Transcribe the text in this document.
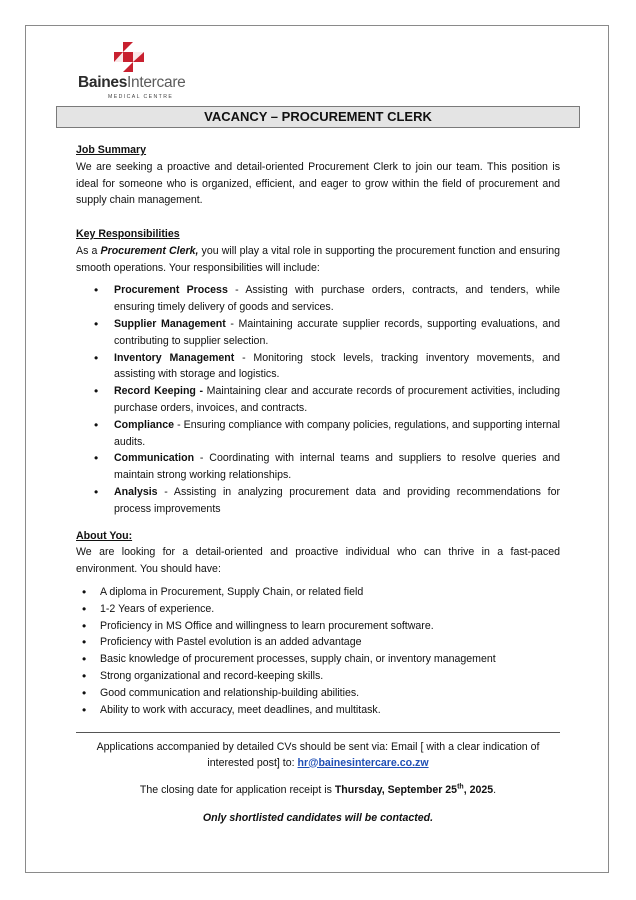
BainesIntercare
MEDICAL CENTRE
VACANCY – PROCUREMENT CLERK

Job Summary

We are seeking a proactive and detail-oriented Procurement Clerk to join our team. This position is ideal for someone who is organized, efficient, and eager to grow within the field of procurement and supply chain management.

Key Responsibilities

As a Procurement Clerk, you will play a vital role in supporting the procurement function and ensuring smooth operations. Your responsibilities will include:

• Procurement Process - Assisting with purchase orders, contracts, and tenders, while ensuring timely delivery of goods and services.
• Supplier Management - Maintaining accurate supplier records, supporting evaluations, and contributing to supplier selection.
• Inventory Management - Monitoring stock levels, tracking inventory movements, and assisting with storage and logistics.
• Record Keeping - Maintaining clear and accurate records of procurement activities, including purchase orders, invoices, and contracts.
• Compliance - Ensuring compliance with company policies, regulations, and supporting internal audits.
• Communication - Coordinating with internal teams and suppliers to resolve queries and maintain strong working relationships.
• Analysis - Assisting in analyzing procurement data and providing recommendations for process improvements

About You:

We are looking for a detail-oriented and proactive individual who can thrive in a fast-paced environment. You should have:

• A diploma in Procurement, Supply Chain, or related field
• 1-2 Years of experience.
• Proficiency in MS Office and willingness to learn procurement software.
• Proficiency with Pastel evolution is an added advantage
• Basic knowledge of procurement processes, supply chain, or inventory management
• Strong organizational and record-keeping skills.
• Good communication and relationship-building abilities.
• Ability to work with accuracy, meet deadlines, and multitask.

Applications accompanied by detailed CVs should be sent via: Email [ with a clear indication of interested post] to: hr@bainesintercare.co.zw

The closing date for application receipt is Thursday, September 25th, 2025.

Only shortlisted candidates will be contacted.
